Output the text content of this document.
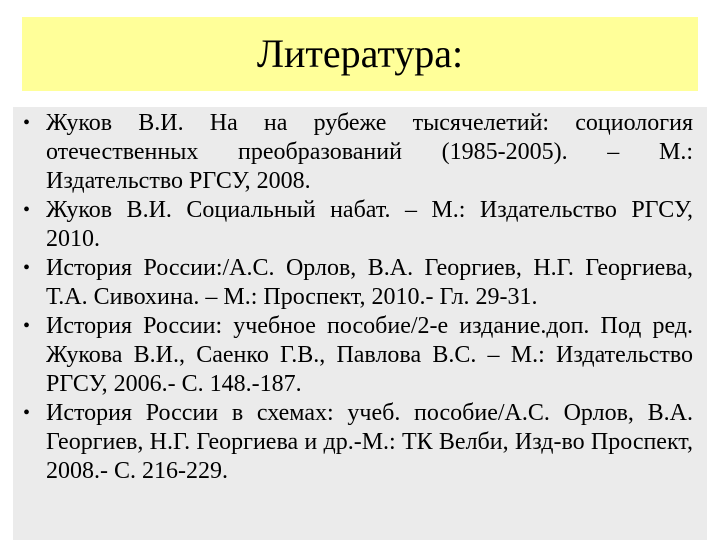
Литература:
• Жуков В.И. На на рубеже тысячелетий: социология отечественных преобразований (1985-2005). – М.: Издательство РГСУ, 2008.
• Жуков В.И. Социальный набат. – М.: Издательство РГСУ, 2010.
• История России:/А.С. Орлов, В.А. Георгиев, Н.Г. Георгиева, Т.А. Сивохина. – М.: Проспект, 2010.- Гл. 29-31.
• История России: учебное пособие/2-е издание.доп. Под ред. Жукова В.И., Саенко Г.В., Павлова В.С. – М.: Издательство РГСУ, 2006.- С. 148.-187.
• История России в схемах: учеб. пособие/А.С. Орлов, В.А. Георгиев, Н.Г. Георгиева и др.-М.: ТК Велби, Изд-во Проспект, 2008.- С. 216-229.
